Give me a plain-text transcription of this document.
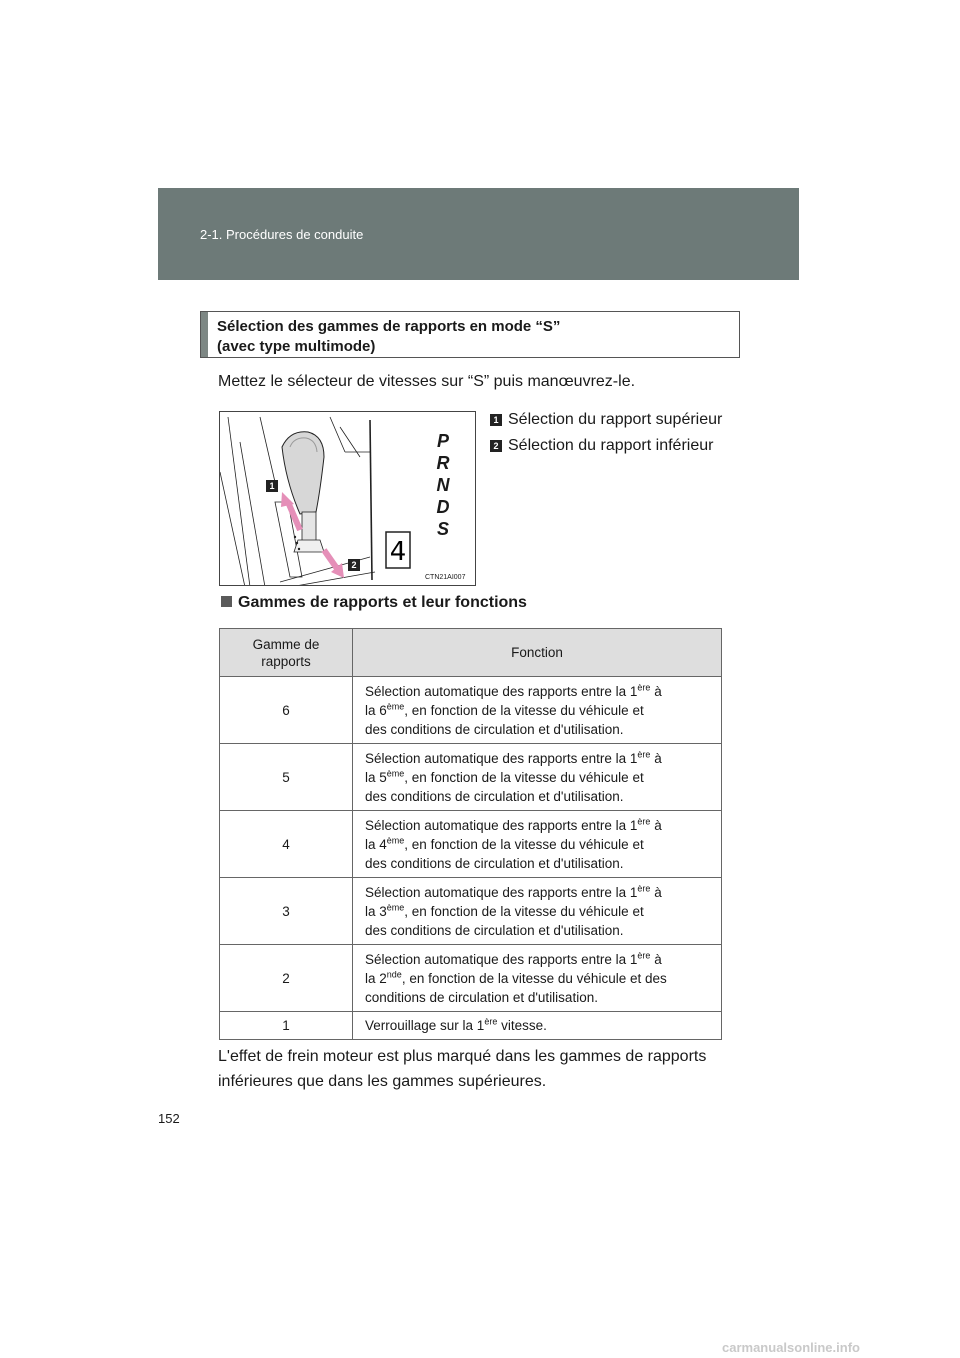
2-1. Procédures de conduite
Sélection des gammes de rapports en mode “S”
(avec type multimode)
Mettez le sélecteur de vitesses sur “S” puis manœuvrez-le.
4
1
2
P
R
N
D
S
CTN21AI007
1 Sélection du rapport supérieur
2 Sélection du rapport inférieur
Gammes de rapports et leur fonctions
Gamme de
rapports	Fonction
6	Sélection automatique des rapports entre la 1ère à
la 6ème, en fonction de la vitesse du véhicule et
des conditions de circulation et d'utilisation.

5	Sélection automatique des rapports entre la 1ère à
la 5ème, en fonction de la vitesse du véhicule et
des conditions de circulation et d'utilisation.

4	Sélection automatique des rapports entre la 1ère à
la 4ème, en fonction de la vitesse du véhicule et
des conditions de circulation et d'utilisation.

3	Sélection automatique des rapports entre la 1ère à
la 3ème, en fonction de la vitesse du véhicule et
des conditions de circulation et d'utilisation.

2	Sélection automatique des rapports entre la 1ère à
la 2nde, en fonction de la vitesse du véhicule et des
conditions de circulation et d'utilisation.

1	Verrouillage sur la 1ère vitesse.
L'effet de frein moteur est plus marqué dans les gammes de rapports inférieures que dans les gammes supérieures.
152
carmanualsonline.info
